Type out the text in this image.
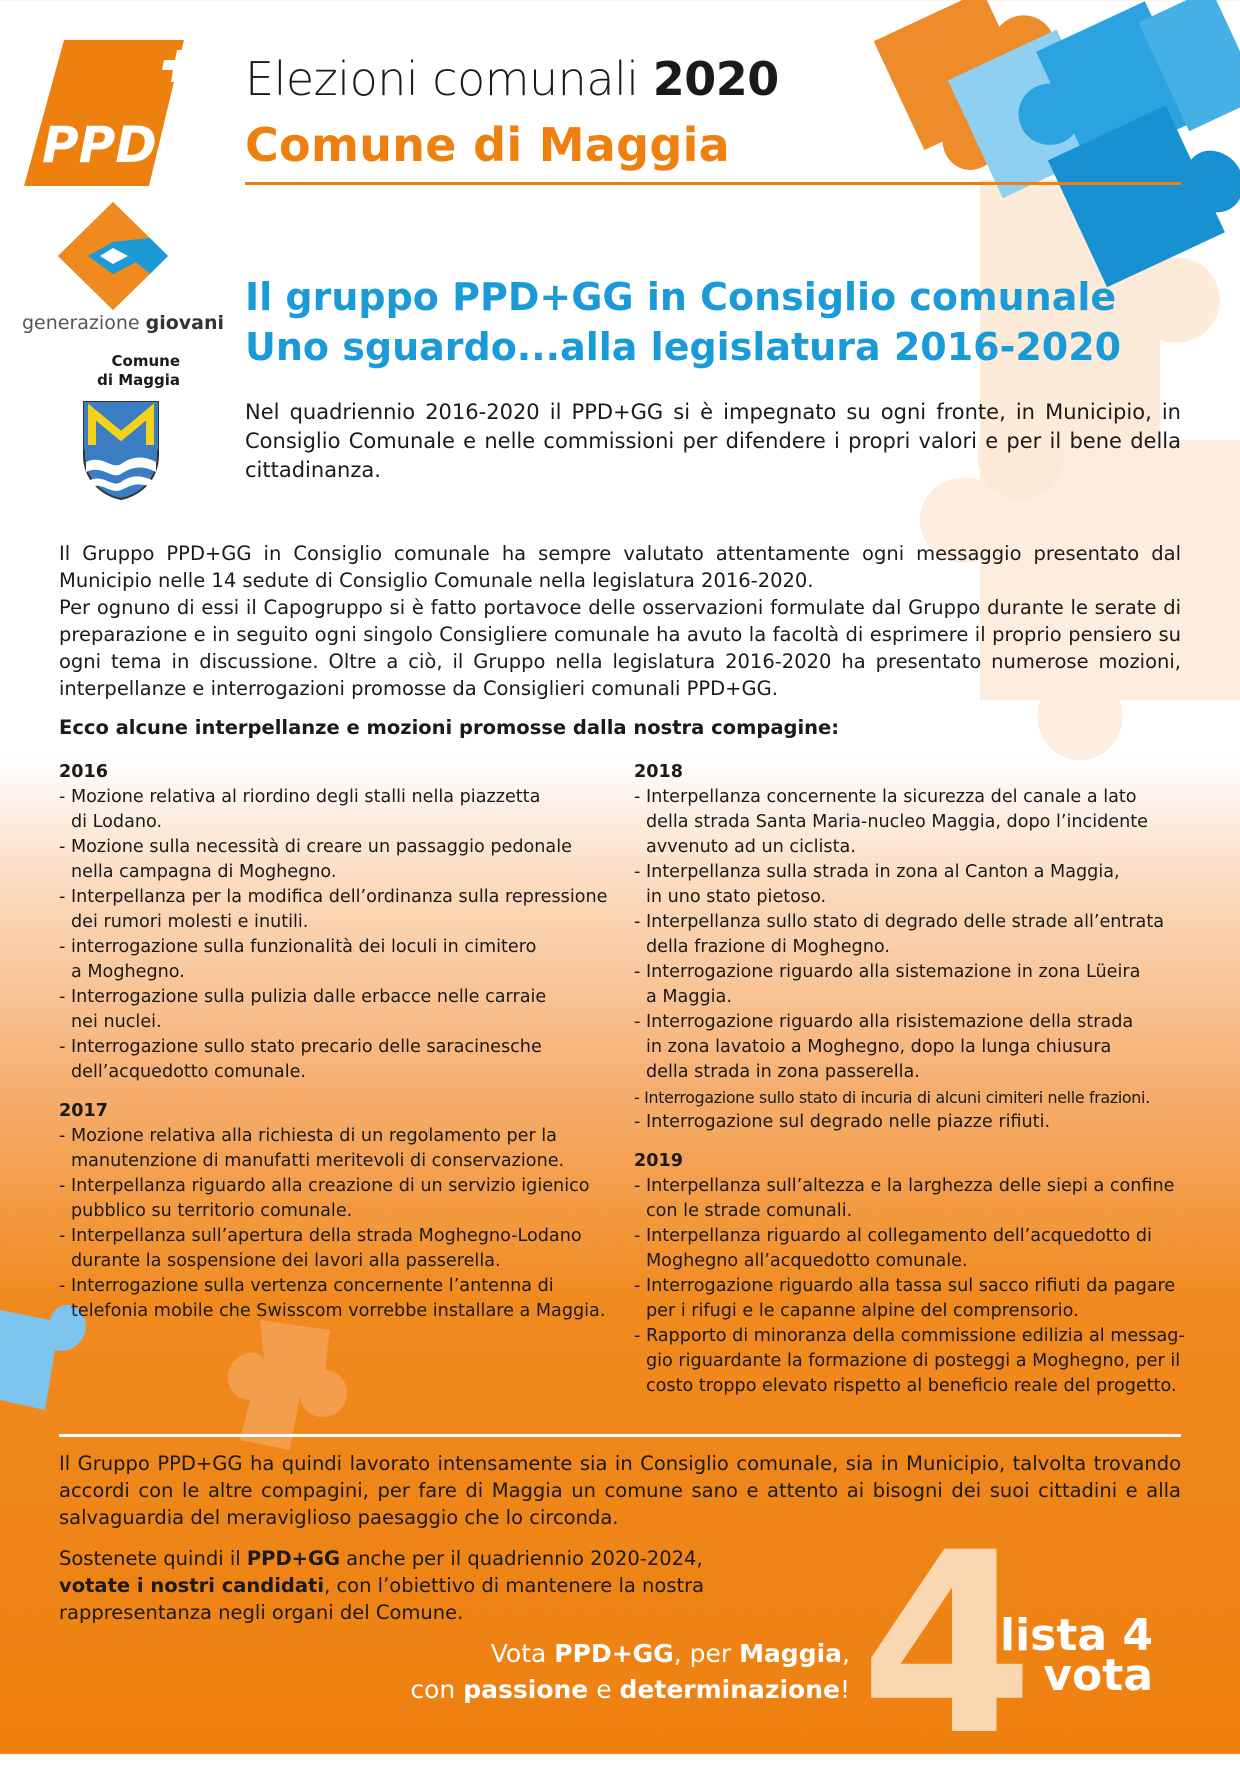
PPD
Elezioni comunali 2020
Comune di Maggia
generazione giovani
Comune
di Maggia
Il gruppo PPD+GG in Consiglio comunale
Uno sguardo...alla legislatura 2016-2020
Nel quadriennio 2016-2020 il PPD+GG si è impegnato su ogni fronte, in Municipio, in Consiglio Comunale e nelle commissioni per difendere i propri valori e per il bene della cittadinanza.

Il Gruppo PPD+GG in Consiglio comunale ha sempre valutato attentamente ogni messaggio presentato dal Municipio nelle 14 sedute di Consiglio Comunale nella legislatura 2016-2020.

Per ognuno di essi il Capogruppo si è fatto portavoce delle osservazioni formulate dal Gruppo durante le serate di preparazione e in seguito ogni singolo Consigliere comunale ha avuto la facoltà di esprimere il proprio pensiero su ogni tema in discussione. Oltre a ciò, il Gruppo nella legislatura 2016-2020 ha presentato numerose mozioni, interpellanze e interrogazioni promosse da Consiglieri comunali PPD+GG.

Ecco alcune interpellanze e mozioni promosse dalla nostra compagine:
2016
- Mozione relativa al riordino degli stalli nella piazzetta
di Lodano.
- Mozione sulla necessità di creare un passaggio pedonale
nella campagna di Moghegno.
- Interpellanza per la modifica dell’ordinanza sulla repressione
dei rumori molesti e inutili.
- interrogazione sulla funzionalità dei loculi in cimitero
a Moghegno.
- Interrogazione sulla pulizia dalle erbacce nelle carraie
nei nuclei.
- Interrogazione sullo stato precario delle saracinesche
dell’acquedotto comunale.
2017
- Mozione relativa alla richiesta di un regolamento per la
manutenzione di manufatti meritevoli di conservazione.
- Interpellanza riguardo alla creazione di un servizio igienico
pubblico su territorio comunale.
- Interpellanza sull’apertura della strada Moghegno-Lodano
durante la sospensione dei lavori alla passerella.
- Interrogazione sulla vertenza concernente l’antenna di
telefonia mobile che Swisscom vorrebbe installare a Maggia.
2018
- Interpellanza concernente la sicurezza del canale a lato
della strada Santa Maria-nucleo Maggia, dopo l’incidente
avvenuto ad un ciclista.
- Interpellanza sulla strada in zona al Canton a Maggia,
in uno stato pietoso.
- Interpellanza sullo stato di degrado delle strade all’entrata
della frazione di Moghegno.
- Interrogazione riguardo alla sistemazione in zona Lüeira
a Maggia.
- Interrogazione riguardo alla risistemazione della strada
in zona lavatoio a Moghegno, dopo la lunga chiusura
della strada in zona passerella.
- Interrogazione sullo stato di incuria di alcuni cimiteri nelle frazioni.
- Interrogazione sul degrado nelle piazze rifiuti.
2019
- Interpellanza sull’altezza e la larghezza delle siepi a confine
con le strade comunali.
- Interpellanza riguardo al collegamento dell’acquedotto di
Moghegno all’acquedotto comunale.
- Interrogazione riguardo alla tassa sul sacco rifiuti da pagare
per i rifugi e le capanne alpine del comprensorio.
- Rapporto di minoranza della commissione edilizia al messag-
gio riguardante la formazione di posteggi a Moghegno, per il
costo troppo elevato rispetto al beneficio reale del progetto.
Il Gruppo PPD+GG ha quindi lavorato intensamente sia in Consiglio comunale, sia in Municipio, talvolta trovando accordi con le altre compagini, per fare di Maggia un comune sano e attento ai bisogni dei suoi cittadini e alla salvaguardia del meraviglioso paesaggio che lo circonda.
Sostenete quindi il PPD+GG anche per il quadriennio 2020-2024,
votate i nostri candidati, con l’obiettivo di mantenere la nostra rappresentanza negli organi del Comune.	4
Vota PPD+GG, per Maggia,
con passione e determinazione!
lista 4
vota
